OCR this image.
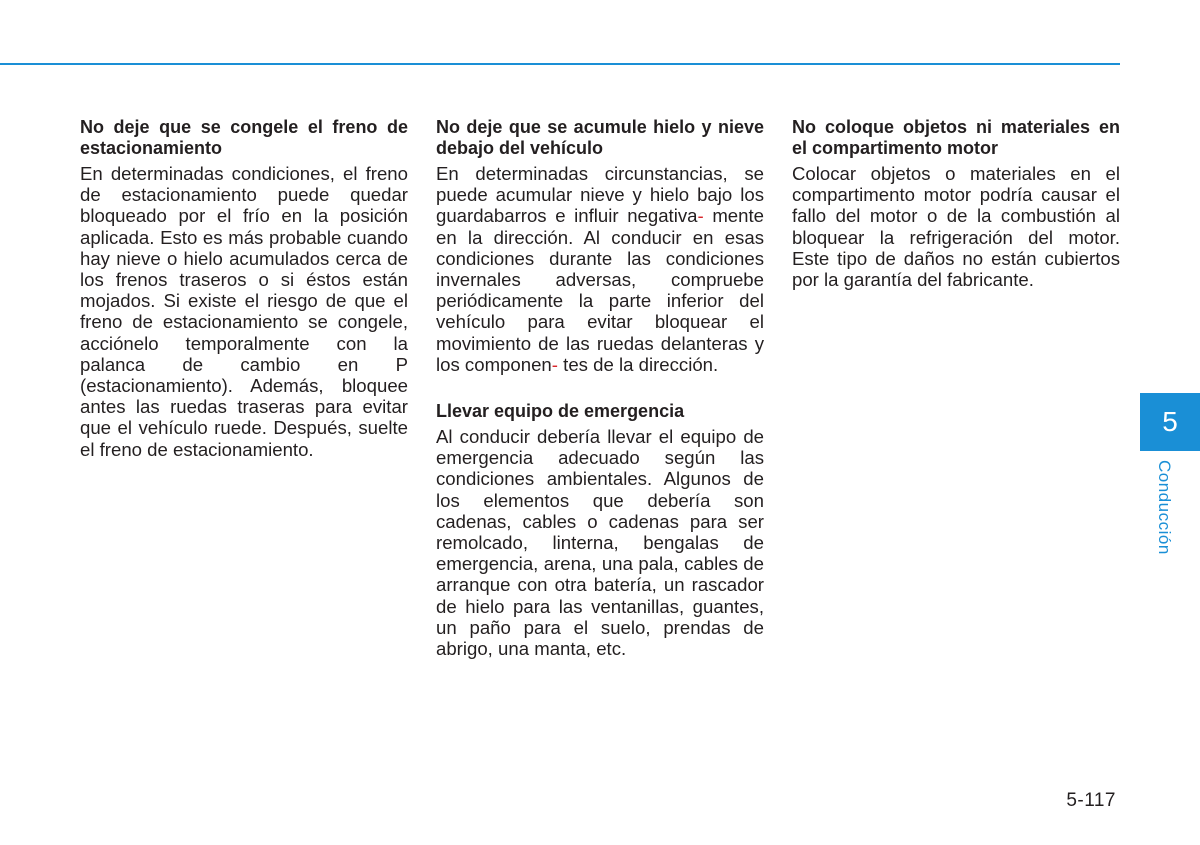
No deje que se congele el freno de estacionamiento

En determinadas condiciones, el freno de estacionamiento puede quedar bloqueado por el frío en la posición aplicada. Esto es más probable cuando hay nieve o hielo acumulados cerca de los frenos traseros o si éstos están mojados. Si existe el riesgo de que el freno de estacionamiento se congele, acciónelo temporalmente con la palanca de cambio en P (estacionamiento). Además, bloquee antes las ruedas traseras para evitar que el vehículo ruede. Después, suelte el freno de estacionamiento.

No deje que se acumule hielo y nieve debajo del vehículo

En determinadas circunstancias, se puede acumular nieve y hielo bajo los guardabarros e influir negativa- mente en la dirección. Al conducir en esas condiciones durante las condiciones invernales adversas, compruebe periódicamente la parte inferior del vehículo para evitar bloquear el movimiento de las ruedas delanteras y los componen- tes de la dirección.

Llevar equipo de emergencia

Al conducir debería llevar el equipo de emergencia adecuado según las condiciones ambientales. Algunos de los elementos que debería son cadenas, cables o cadenas para ser remolcado, linterna, bengalas de emergencia, arena, una pala, cables de arranque con otra batería, un rascador de hielo para las ventanillas, guantes, un paño para el suelo, prendas de abrigo, una manta, etc.

No coloque objetos ni materiales en el compartimento motor

Colocar objetos o materiales en el compartimento motor podría causar el fallo del motor o de la combustión al bloquear la refrigeración del motor. Este tipo de daños no están cubiertos por la garantía del fabricante.

5
Conducción
5-117
